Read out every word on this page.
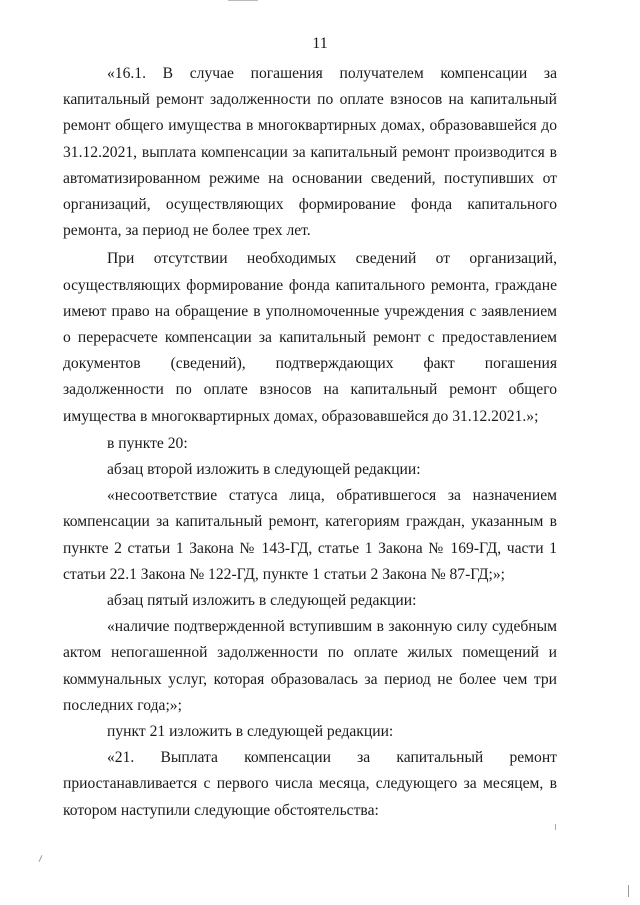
11

«16.1. В случае погашения получателем компенсации за капитальный ремонт задолженности по оплате взносов на капитальный ремонт общего имущества в многоквартирных домах, образовавшейся до 31.12.2021, выплата компенсации за капитальный ремонт производится в автоматизированном режиме на основании сведений, поступивших от организаций, осуществляющих формирование фонда капитального ремонта, за период не более трех лет.

При отсутствии необходимых сведений от организаций, осуществляющих формирование фонда капитального ремонта, граждане имеют право на обращение в уполномоченные учреждения с заявлением о перерасчете компенсации за капитальный ремонт с предоставлением документов (сведений), подтверждающих факт погашения задолженности по оплате взносов на капитальный ремонт общего имущества в многоквартирных домах, образовавшейся до 31.12.2021.»;

в пункте 20:

абзац второй изложить в следующей редакции:

«несоответствие статуса лица, обратившегося за назначением компенсации за капитальный ремонт, категориям граждан, указанным в пункте 2 статьи 1 Закона № 143-ГД, статье 1 Закона № 169-ГД, части 1 статьи 22.1 Закона № 122-ГД, пункте 1 статьи 2 Закона № 87-ГД;»;

абзац пятый изложить в следующей редакции:

«наличие подтвержденной вступившим в законную силу судебным актом непогашенной задолженности по оплате жилых помещений и коммунальных услуг, которая образовалась за период не более чем три последних года;»;

пункт 21 изложить в следующей редакции:

«21. Выплата компенсации за капитальный ремонт приостанавливается с первого числа месяца, следующего за месяцем, в котором наступили следующие обстоятельства:
